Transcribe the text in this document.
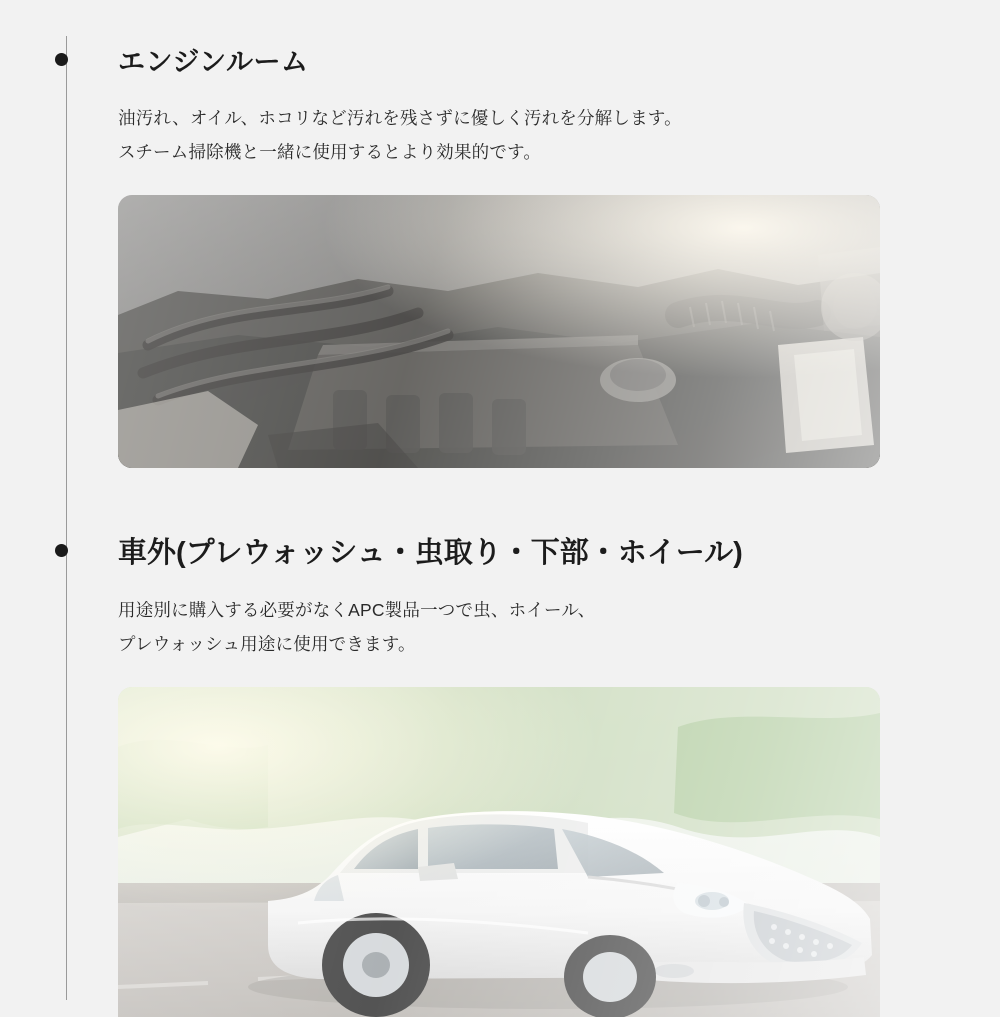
エンジンルーム
油汚れ、オイル、ホコリなど汚れを残さずに優しく汚れを分解します。
スチーム掃除機と一緒に使用するとより効果的です。
車外(プレウォッシュ・虫取り・下部・ホイール)
用途別に購入する必要がなくAPC製品一つで虫、ホイール、
プレウォッシュ用途に使用できます。
